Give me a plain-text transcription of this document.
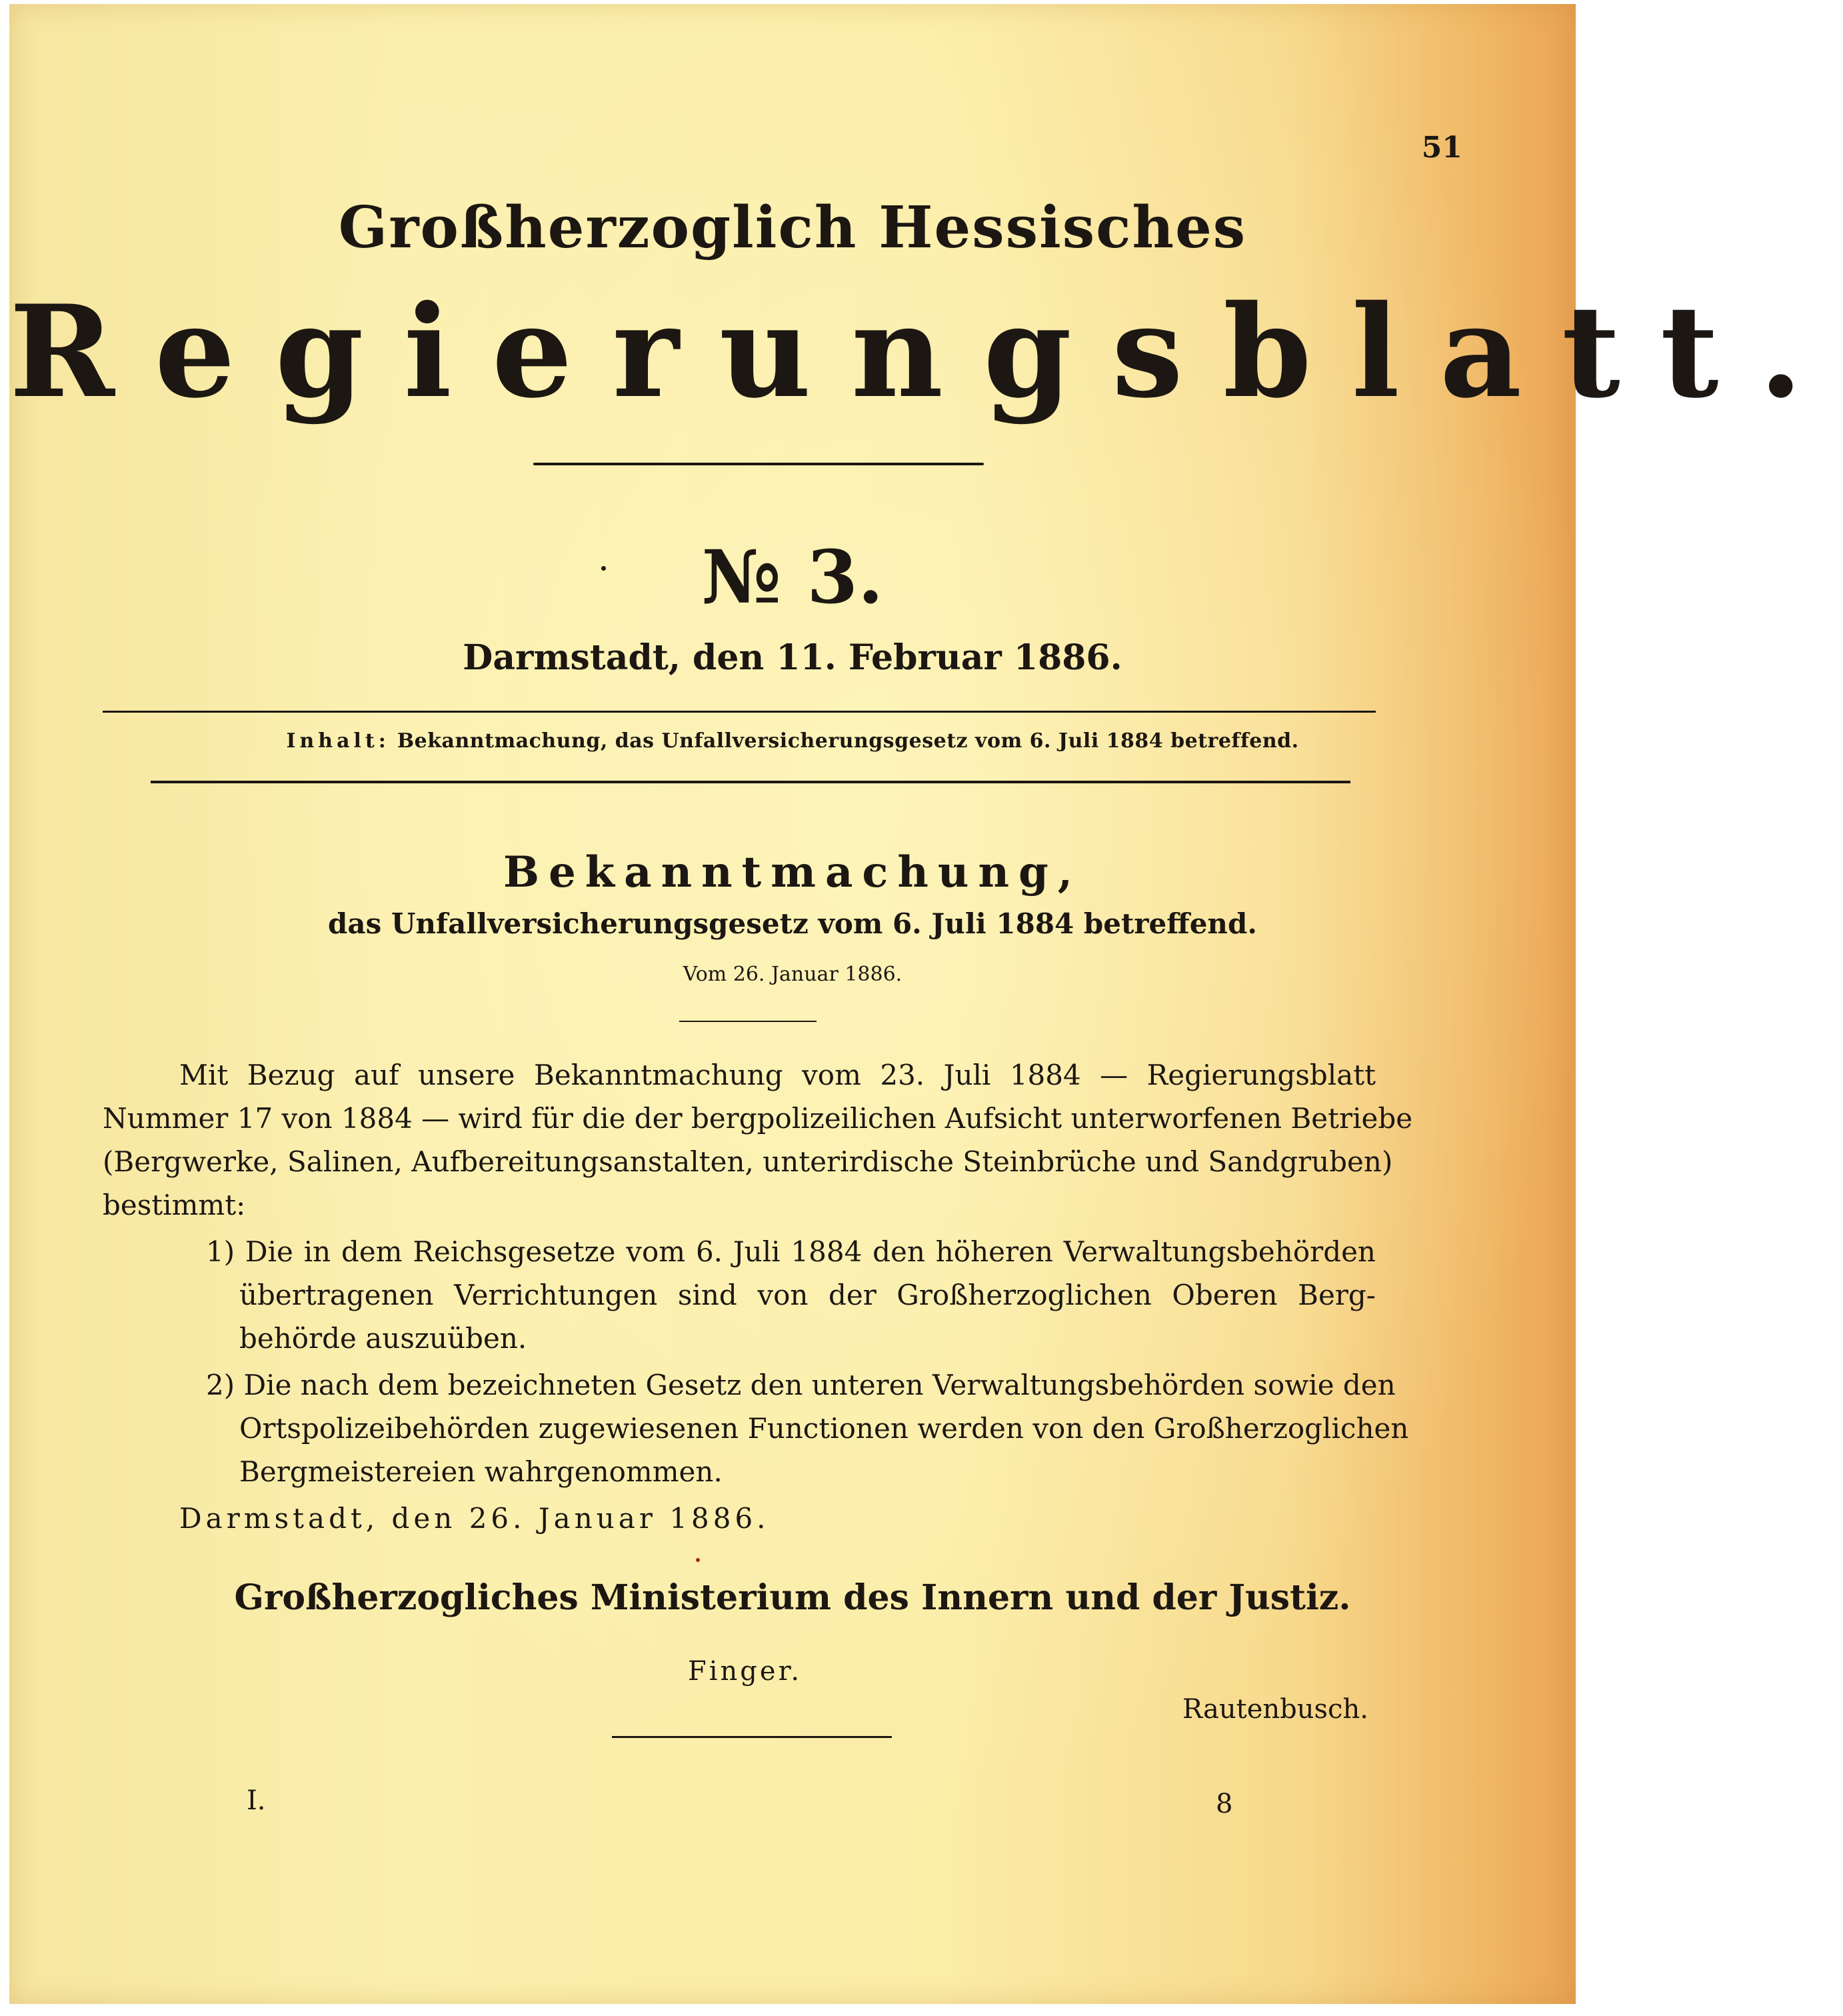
51
Großherzoglich Hessisches
Regierungsblatt.
№ 3.
Darmstadt, den 11. Februar 1886.
Inhalt: Bekanntmachung, das Unfallversicherungsgesetz vom 6. Juli 1884 betreffend.
Bekanntmachung,
das Unfallversicherungsgesetz vom 6. Juli 1884 betreffend.
Vom 26. Januar 1886.
Mit Bezug auf unsere Bekanntmachung vom 23. Juli 1884 — Regierungsblatt
Nummer 17 von 1884 — wird für die der bergpolizeilichen Aufsicht unterworfenen Betriebe
(Bergwerke, Salinen, Aufbereitungsanstalten, unterirdische Steinbrüche und Sandgruben)
bestimmt:
1) Die in dem Reichsgesetze vom 6. Juli 1884 den höheren Verwaltungsbehörden
übertragenen Verrichtungen sind von der Großherzoglichen Oberen Berg-
behörde auszuüben.
2) Die nach dem bezeichneten Gesetz den unteren Verwaltungsbehörden sowie den
Ortspolizeibehörden zugewiesenen Functionen werden von den Großherzoglichen
Bergmeistereien wahrgenommen.
Darmstadt, den 26. Januar 1886.
Großherzogliches Ministerium des Innern und der Justiz.
Finger.
Rautenbusch.
I.	8
